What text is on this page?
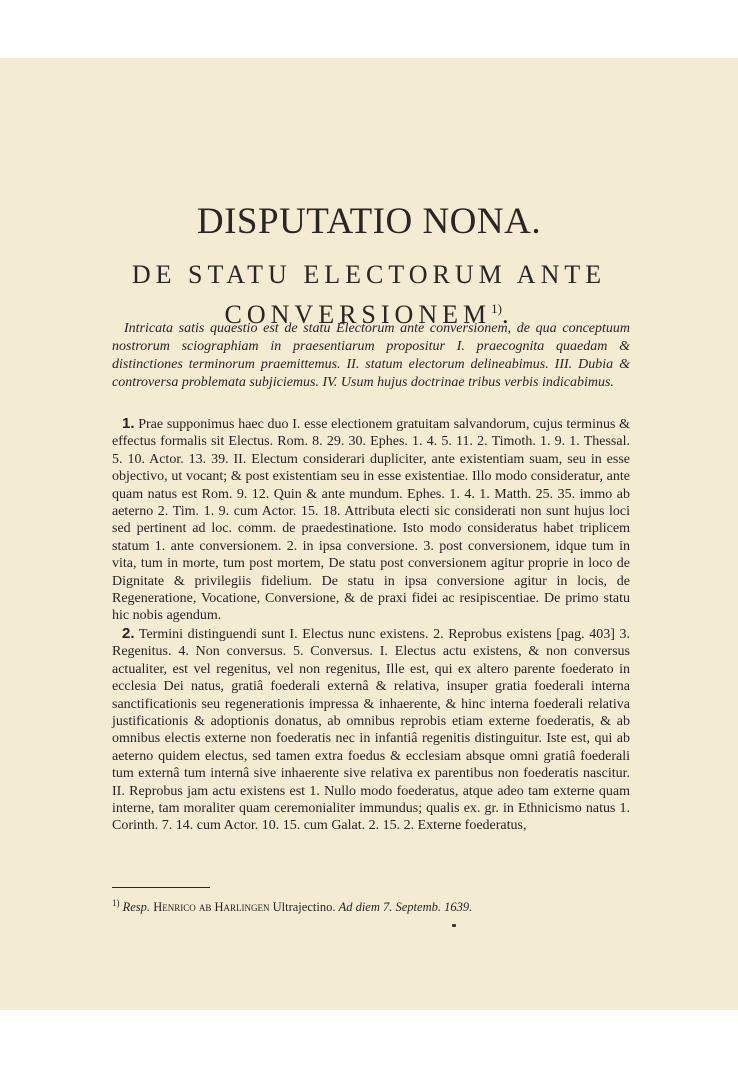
DISPUTATIO NONA.
DE STATU ELECTORUM ANTE CONVERSIONEM$^{1)}$.
Intricata satis quaestio est de statu Electorum ante conversionem, de qua conceptuum nostrorum sciographiam in praesentiarum propositur I. praecognita quaedam & distinctiones terminorum praemittemus. II. statum electorum delineabimus. III. Dubia & controversa problemata subjiciemus. IV. Usum hujus doctrinae tribus verbis indicabimus.

1. Prae supponimus haec duo I. esse electionem gratuitam salvandorum, cujus terminus & effectus formalis sit Electus. Rom. 8. 29. 30. Ephes. 1. 4. 5. 11. 2. Timoth. 1. 9. 1. Thessal. 5. 10. Actor. 13. 39. II. Electum considerari dupliciter, ante existentiam suam, seu in esse objectivo, ut vocant; & post existentiam seu in esse existentiae. Illo modo consideratur, ante quam natus est Rom. 9. 12. Quin & ante mundum. Ephes. 1. 4. 1. Matth. 25. 35. immo ab aeterno 2. Tim. 1. 9. cum Actor. 15. 18. Attributa electi sic considerati non sunt hujus loci sed pertinent ad loc. comm. de praedestinatione. Isto modo consideratus habet triplicem statum 1. ante conversionem. 2. in ipsa conversione. 3. post conversionem, idque tum in vita, tum in morte, tum post mortem, De statu post conversionem agitur proprie in loco de Dignitate & privilegiis fidelium. De statu in ipsa conversione agitur in locis, de Regeneratione, Vocatione, Conversione, & de praxi fidei ac resipiscentiae. De primo statu hic nobis agendum.

2. Termini distinguendi sunt I. Electus nunc existens. 2. Reprobus existens [pag. 403] 3. Regenitus. 4. Non conversus. 5. Conversus. I. Electus actu existens, & non conversus actualiter, est vel regenitus, vel non regenitus, Ille est, qui ex altero parente foederato in ecclesia Dei natus, gratiâ foederali externâ & relativa, insuper gratia foederali interna sanctificationis seu regenerationis impressa & inhaerente, & hinc interna foederali relativa justificationis & adoptionis donatus, ab omnibus reprobis etiam externe foederatis, & ab omnibus electis externe non foederatis nec in infantiâ regenitis distinguitur. Iste est, qui ab aeterno quidem electus, sed tamen extra foedus & ecclesiam absque omni gratiâ foederali tum externâ tum internâ sive inhaerente sive relativa ex parentibus non foederatis nascitur. II. Reprobus jam actu existens est 1. Nullo modo foederatus, atque adeo tam externe quam interne, tam moraliter quam ceremonialiter immundus; qualis ex. gr. in Ethnicismo natus 1. Corinth. 7. 14. cum Actor. 10. 15. cum Galat. 2. 15. 2. Externe foederatus,

$^{1)}$ Resp. Henrico ab Harlingen Ultrajectino. Ad diem 7. Septemb. 1639.
